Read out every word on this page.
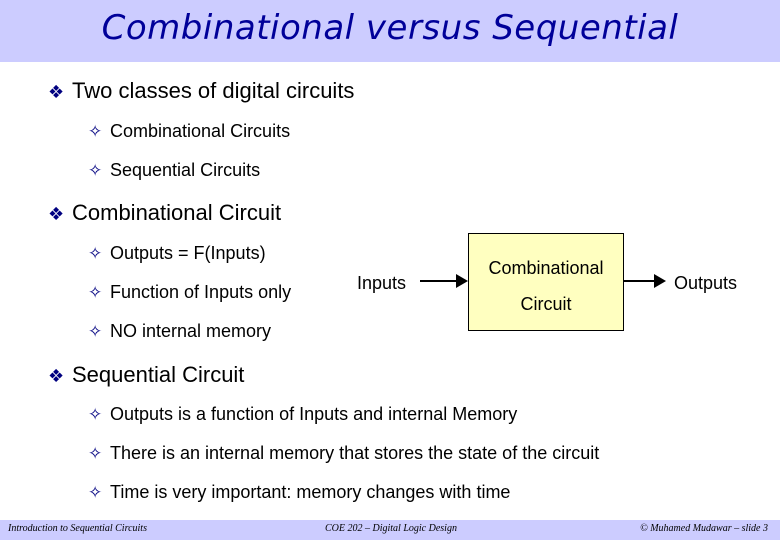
Combinational versus Sequential
❖ Two classes of digital circuits
✧ Combinational Circuits
✧ Sequential Circuits
❖ Combinational Circuit
✧ Outputs = F(Inputs)
✧ Function of Inputs only
✧ NO internal memory
Inputs
Combinational
Circuit
Outputs
❖ Sequential Circuit
✧ Outputs is a function of Inputs and internal Memory
✧ There is an internal memory that stores the state of the circuit
✧ Time is very important: memory changes with time
Introduction to Sequential Circuits	COE 202 – Digital Logic Design	© Muhamed Mudawar – slide 3
